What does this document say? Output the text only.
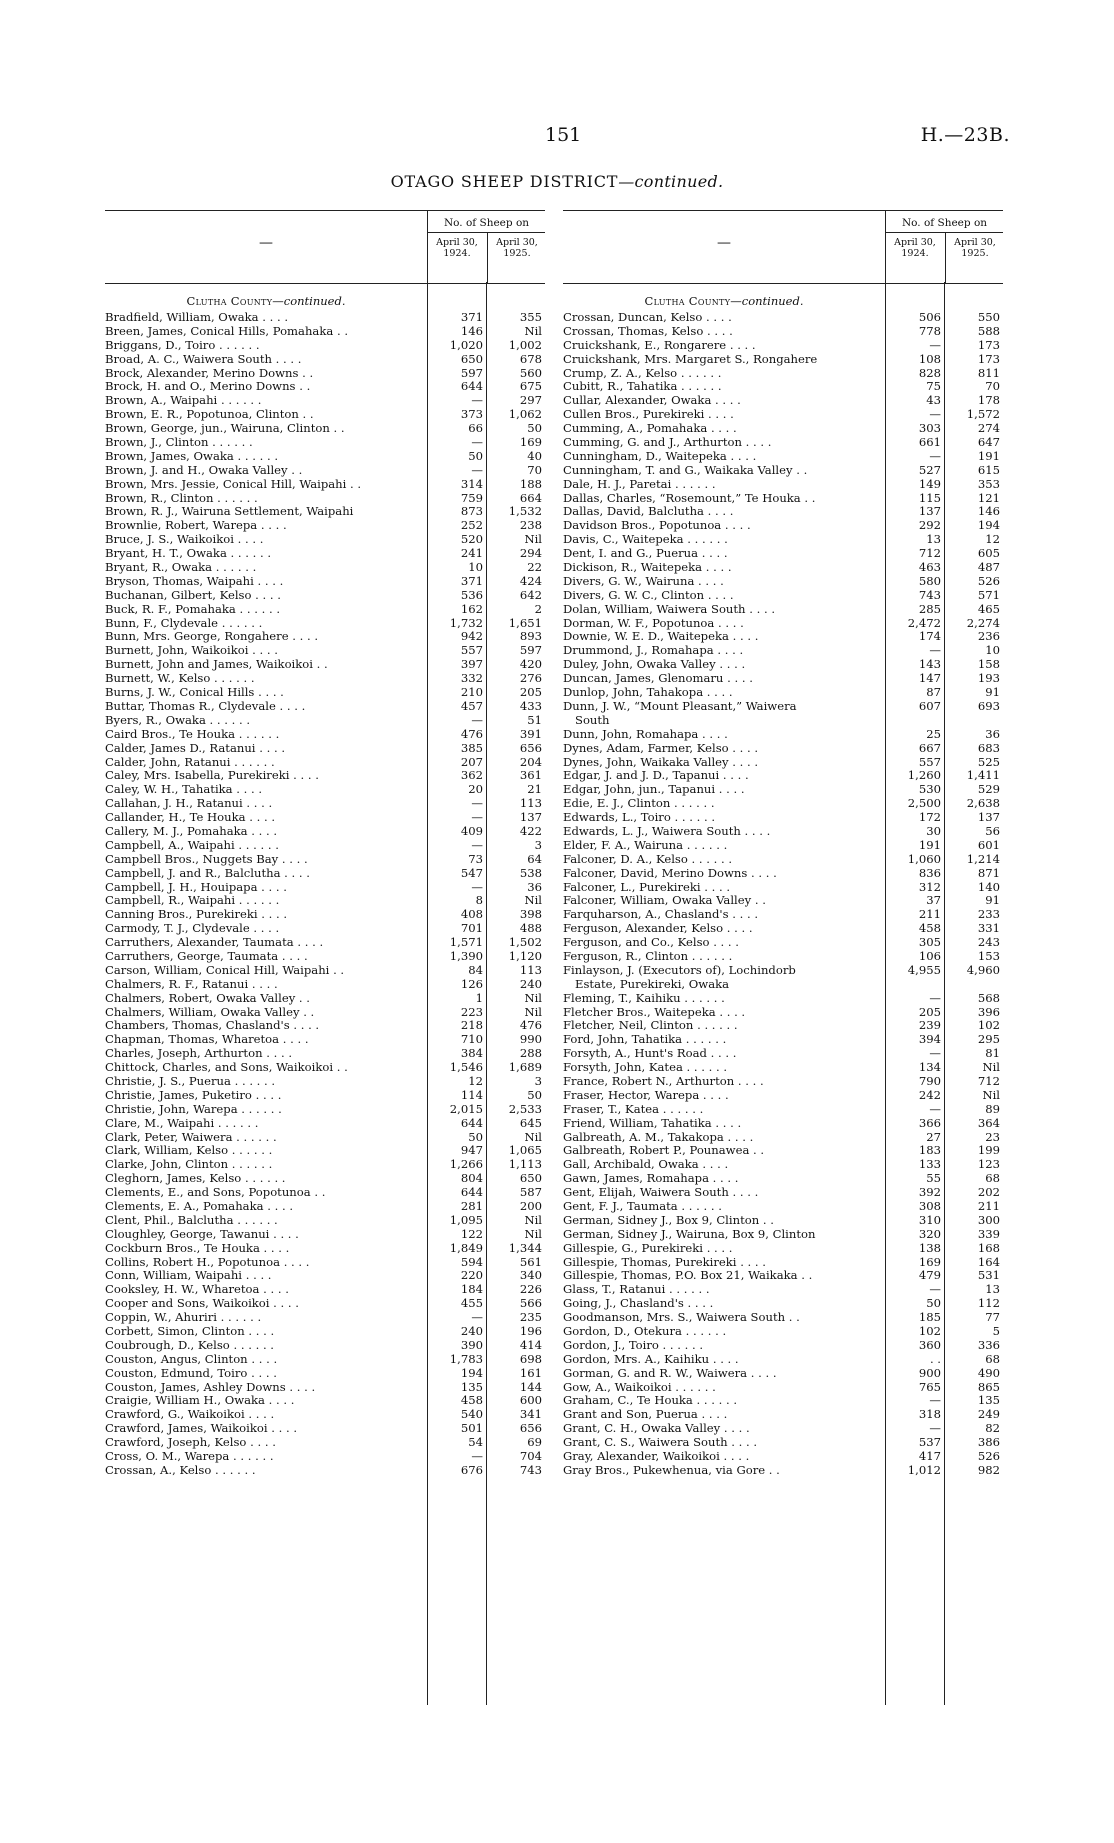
151	H.—23B.
OTAGO SHEEP DISTRICT—continued.
—
No. of Sheep on
April 30, 1924.
April 30, 1925.
Clutha County—continued.
Bradfield, William, Owaka . . . .	371	355
Breen, James, Conical Hills, Pomahaka . .	146	Nil
Briggans, D., Toiro . . . . . .	1,020	1,002
Broad, A. C., Waiwera South . . . .	650	678
Brock, Alexander, Merino Downs . .	597	560
Brock, H. and O., Merino Downs . .	644	675
Brown, A., Waipahi . . . . . .	—	297
Brown, E. R., Popotunoa, Clinton . .	373	1,062
Brown, George, jun., Wairuna, Clinton . .	66	50
Brown, J., Clinton . . . . . .	—	169
Brown, James, Owaka . . . . . .	50	40
Brown, J. and H., Owaka Valley . .	—	70
Brown, Mrs. Jessie, Conical Hill, Waipahi . .	314	188
Brown, R., Clinton . . . . . .	759	664
Brown, R. J., Wairuna Settlement, Waipahi	873	1,532
Brownlie, Robert, Warepa . . . .	252	238
Bruce, J. S., Waikoikoi . . . .	520	Nil
Bryant, H. T., Owaka . . . . . .	241	294
Bryant, R., Owaka . . . . . .	10	22
Bryson, Thomas, Waipahi . . . .	371	424
Buchanan, Gilbert, Kelso . . . .	536	642
Buck, R. F., Pomahaka . . . . . .	162	2
Bunn, F., Clydevale . . . . . .	1,732	1,651
Bunn, Mrs. George, Rongahere . . . .	942	893
Burnett, John, Waikoikoi . . . .	557	597
Burnett, John and James, Waikoikoi . .	397	420
Burnett, W., Kelso . . . . . .	332	276
Burns, J. W., Conical Hills . . . .	210	205
Buttar, Thomas R., Clydevale . . . .	457	433
Byers, R., Owaka . . . . . .	—	51
Caird Bros., Te Houka . . . . . .	476	391
Calder, James D., Ratanui . . . .	385	656
Calder, John, Ratanui . . . . . .	207	204
Caley, Mrs. Isabella, Purekireki . . . .	362	361
Caley, W. H., Tahatika . . . .	20	21
Callahan, J. H., Ratanui . . . .	—	113
Callander, H., Te Houka . . . .	—	137
Callery, M. J., Pomahaka . . . .	409	422
Campbell, A., Waipahi . . . . . .	—	3
Campbell Bros., Nuggets Bay . . . .	73	64
Campbell, J. and R., Balclutha . . . .	547	538
Campbell, J. H., Houipapa . . . .	—	36
Campbell, R., Waipahi . . . . . .	8	Nil
Canning Bros., Purekireki . . . .	408	398
Carmody, T. J., Clydevale . . . .	701	488
Carruthers, Alexander, Taumata . . . .	1,571	1,502
Carruthers, George, Taumata . . . .	1,390	1,120
Carson, William, Conical Hill, Waipahi . .	84	113
Chalmers, R. F., Ratanui . . . .	126	240
Chalmers, Robert, Owaka Valley . .	1	Nil
Chalmers, William, Owaka Valley . .	223	Nil
Chambers, Thomas, Chasland's . . . .	218	476
Chapman, Thomas, Wharetoa . . . .	710	990
Charles, Joseph, Arthurton . . . .	384	288
Chittock, Charles, and Sons, Waikoikoi . .	1,546	1,689
Christie, J. S., Puerua . . . . . .	12	3
Christie, James, Puketiro . . . .	114	50
Christie, John, Warepa . . . . . .	2,015	2,533
Clare, M., Waipahi . . . . . .	644	645
Clark, Peter, Waiwera . . . . . .	50	Nil
Clark, William, Kelso . . . . . .	947	1,065
Clarke, John, Clinton . . . . . .	1,266	1,113
Cleghorn, James, Kelso . . . . . .	804	650
Clements, E., and Sons, Popotunoa . .	644	587
Clements, E. A., Pomahaka . . . .	281	200
Clent, Phil., Balclutha . . . . . .	1,095	Nil
Cloughley, George, Tawanui . . . .	122	Nil
Cockburn Bros., Te Houka . . . .	1,849	1,344
Collins, Robert H., Popotunoa . . . .	594	561
Conn, William, Waipahi . . . .	220	340
Cooksley, H. W., Wharetoa . . . .	184	226
Cooper and Sons, Waikoikoi . . . .	455	566
Coppin, W., Ahuriri . . . . . .	—	235
Corbett, Simon, Clinton . . . .	240	196
Coubrough, D., Kelso . . . . . .	390	414
Couston, Angus, Clinton . . . .	1,783	698
Couston, Edmund, Toiro . . . .	194	161
Couston, James, Ashley Downs . . . .	135	144
Craigie, William H., Owaka . . . .	458	600
Crawford, G., Waikoikoi . . . .	540	341
Crawford, James, Waikoikoi . . . .	501	656
Crawford, Joseph, Kelso . . . .	54	69
Cross, O. M., Warepa . . . . . .	—	704
Crossan, A., Kelso . . . . . .	676	743
—
No. of Sheep on
April 30, 1924.
April 30, 1925.
Clutha County—continued.
Crossan, Duncan, Kelso . . . .	506	550
Crossan, Thomas, Kelso . . . .	778	588
Cruickshank, E., Rongarere . . . .	—	173
Cruickshank, Mrs. Margaret S., Rongahere	108	173
Crump, Z. A., Kelso . . . . . .	828	811
Cubitt, R., Tahatika . . . . . .	75	70
Cullar, Alexander, Owaka . . . .	43	178
Cullen Bros., Purekireki . . . .	—	1,572
Cumming, A., Pomahaka . . . .	303	274
Cumming, G. and J., Arthurton . . . .	661	647
Cunningham, D., Waitepeka . . . .	—	191
Cunningham, T. and G., Waikaka Valley . .	527	615
Dale, H. J., Paretai . . . . . .	149	353
Dallas, Charles, “Rosemount,” Te Houka . .	115	121
Dallas, David, Balclutha . . . .	137	146
Davidson Bros., Popotunoa . . . .	292	194
Davis, C., Waitepeka . . . . . .	13	12
Dent, I. and G., Puerua . . . .	712	605
Dickison, R., Waitepeka . . . .	463	487
Divers, G. W., Wairuna . . . .	580	526
Divers, G. W. C., Clinton . . . .	743	571
Dolan, William, Waiwera South . . . .	285	465
Dorman, W. F., Popotunoa . . . .	2,472	2,274
Downie, W. E. D., Waitepeka . . . .	174	236
Drummond, J., Romahapa . . . .	—	10
Duley, John, Owaka Valley . . . .	143	158
Duncan, James, Glenomaru . . . .	147	193
Dunlop, John, Tahakopa . . . .	87	91
Dunn, J. W., “Mount Pleasant,” Waiwera	607	693
South
Dunn, John, Romahapa . . . .	25	36
Dynes, Adam, Farmer, Kelso . . . .	667	683
Dynes, John, Waikaka Valley . . . .	557	525
Edgar, J. and J. D., Tapanui . . . .	1,260	1,411
Edgar, John, jun., Tapanui . . . .	530	529
Edie, E. J., Clinton . . . . . .	2,500	2,638
Edwards, L., Toiro . . . . . .	172	137
Edwards, L. J., Waiwera South . . . .	30	56
Elder, F. A., Wairuna . . . . . .	191	601
Falconer, D. A., Kelso . . . . . .	1,060	1,214
Falconer, David, Merino Downs . . . .	836	871
Falconer, L., Purekireki . . . .	312	140
Falconer, William, Owaka Valley . .	37	91
Farquharson, A., Chasland's . . . .	211	233
Ferguson, Alexander, Kelso . . . .	458	331
Ferguson, and Co., Kelso . . . .	305	243
Ferguson, R., Clinton . . . . . .	106	153
Finlayson, J. (Executors of), Lochindorb	4,955	4,960
Estate, Purekireki, Owaka
Fleming, T., Kaihiku . . . . . .	—	568
Fletcher Bros., Waitepeka . . . .	205	396
Fletcher, Neil, Clinton . . . . . .	239	102
Ford, John, Tahatika . . . . . .	394	295
Forsyth, A., Hunt's Road . . . .	—	81
Forsyth, John, Katea . . . . . .	134	Nil
France, Robert N., Arthurton . . . .	790	712
Fraser, Hector, Warepa . . . .	242	Nil
Fraser, T., Katea . . . . . .	—	89
Friend, William, Tahatika . . . .	366	364
Galbreath, A. M., Takakopa . . . .	27	23
Galbreath, Robert P., Pounawea . .	183	199
Gall, Archibald, Owaka . . . .	133	123
Gawn, James, Romahapa . . . .	55	68
Gent, Elijah, Waiwera South . . . .	392	202
Gent, F. J., Taumata . . . . . .	308	211
German, Sidney J., Box 9, Clinton . .	310	300
German, Sidney J., Wairuna, Box 9, Clinton	320	339
Gillespie, G., Purekireki . . . .	138	168
Gillespie, Thomas, Purekireki . . . .	169	164
Gillespie, Thomas, P.O. Box 21, Waikaka . .	479	531
Glass, T., Ratanui . . . . . .	—	13
Going, J., Chasland's . . . .	50	112
Goodmanson, Mrs. S., Waiwera South . .	185	77
Gordon, D., Otekura . . . . . .	102	5
Gordon, J., Toiro . . . . . .	360	336
Gordon, Mrs. A., Kaihiku . . . .	. .	68
Gorman, G. and R. W., Waiwera . . . .	900	490
Gow, A., Waikoikoi . . . . . .	765	865
Graham, C., Te Houka . . . . . .	—	135
Grant and Son, Puerua . . . .	318	249
Grant, C. H., Owaka Valley . . . .	—	82
Grant, C. S., Waiwera South . . . .	537	386
Gray, Alexander, Waikoikoi . . . .	417	526
Gray Bros., Pukewhenua, via Gore . .	1,012	982
